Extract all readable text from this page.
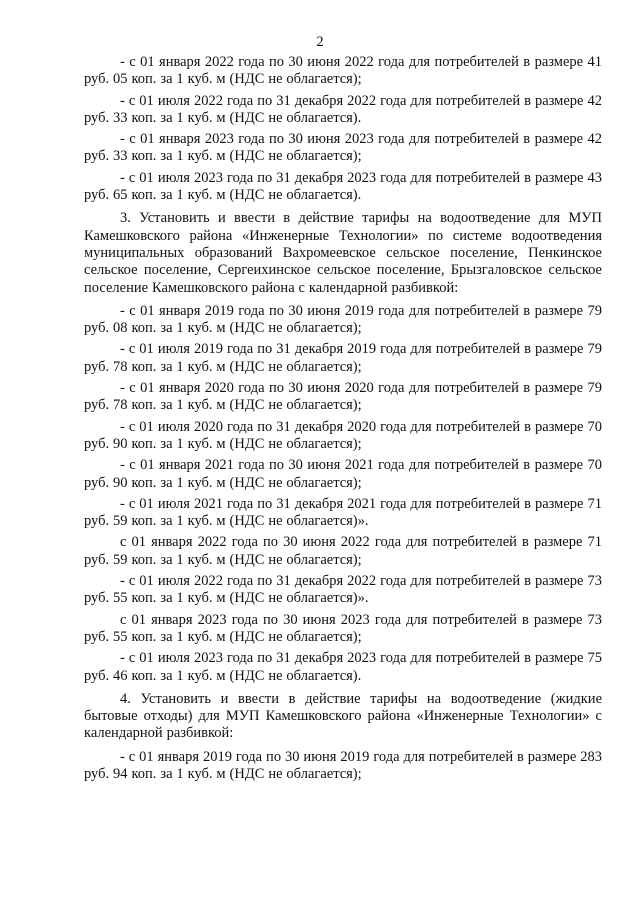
2

- с 01 января 2022 года по 30 июня 2022 года для потребителей в размере 41 руб. 05 коп. за 1 куб. м (НДС не облагается);

- с 01 июля 2022 года по 31 декабря 2022 года для потребителей в размере 42 руб. 33 коп. за 1 куб. м (НДС не облагается).

- с 01 января 2023 года по 30 июня 2023 года для потребителей в размере 42 руб. 33 коп. за 1 куб. м (НДС не облагается);

- с 01 июля 2023 года по 31 декабря 2023 года для потребителей в размере 43 руб. 65 коп. за 1 куб. м (НДС не облагается).

3. Установить и ввести в действие тарифы на водоотведение для МУП Камешковского района «Инженерные Технологии» по системе водоотведения муниципальных образований Вахромеевское сельское поселение, Пенкинское сельское поселение, Сергеихинское сельское поселение, Брызгаловское сельское поселение Камешковского района с календарной разбивкой:

- с 01 января 2019 года по 30 июня 2019 года для потребителей в размере 79 руб. 08 коп. за 1 куб. м (НДС не облагается);

- с 01 июля 2019 года по 31 декабря 2019 года для потребителей в размере 79 руб. 78 коп. за 1 куб. м (НДС не облагается);

- с 01 января 2020 года по 30 июня 2020 года для потребителей в размере 79 руб. 78 коп. за 1 куб. м (НДС не облагается);

- с 01 июля 2020 года по 31 декабря 2020 года для потребителей в размере 70 руб. 90 коп. за 1 куб. м (НДС не облагается);

- с 01 января 2021 года по 30 июня 2021 года для потребителей в размере 70 руб. 90 коп. за 1 куб. м (НДС не облагается);

- с 01 июля 2021 года по 31 декабря 2021 года для потребителей в размере 71 руб. 59 коп. за 1 куб. м (НДС не облагается)».

с 01 января 2022 года по 30 июня 2022 года для потребителей в размере 71 руб. 59 коп. за 1 куб. м (НДС не облагается);

- с 01 июля 2022 года по 31 декабря 2022 года для потребителей в размере 73 руб. 55 коп. за 1 куб. м (НДС не облагается)».

с 01 января 2023 года по 30 июня 2023 года для потребителей в размере 73 руб. 55 коп. за 1 куб. м (НДС не облагается);

- с 01 июля 2023 года по 31 декабря 2023 года для потребителей в размере 75 руб. 46 коп. за 1 куб. м (НДС не облагается).

4. Установить и ввести в действие тарифы на водоотведение (жидкие бытовые отходы) для МУП Камешковского района «Инженерные Технологии» с календарной разбивкой:

- с 01 января 2019 года по 30 июня 2019 года для потребителей в размере 283 руб. 94 коп. за 1 куб. м (НДС не облагается);
